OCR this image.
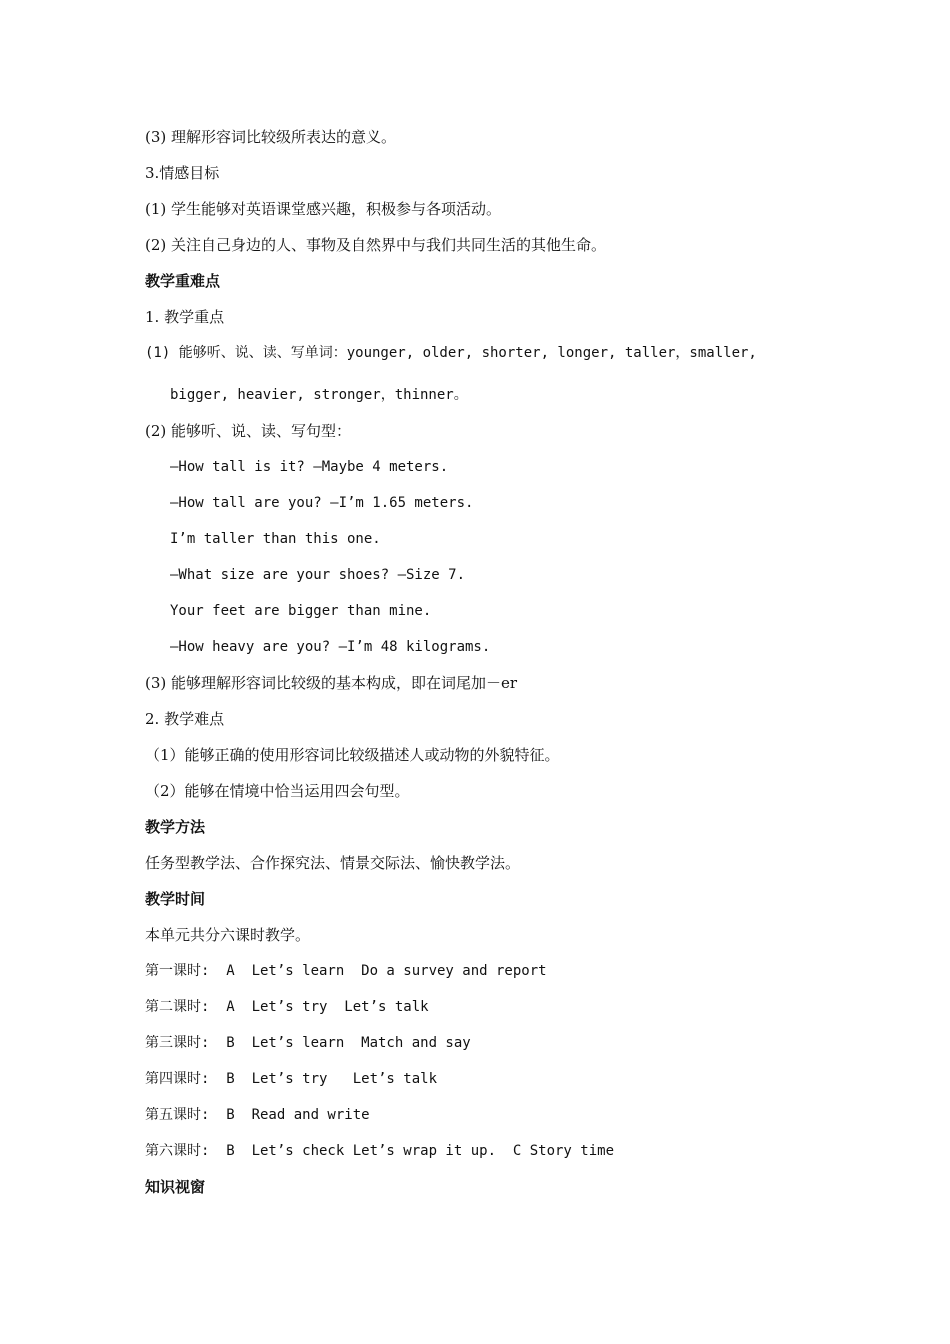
(3) 理解形容词比较级所表达的意义。

3.情感目标

(1) 学生能够对英语课堂感兴趣，积极参与各项活动。

(2) 关注自己身边的人、事物及自然界中与我们共同生活的其他生命。

教学重难点

1. 教学重点

(1) 能够听、说、读、写单词：younger, older, shorter, longer, taller，smaller,

bigger, heavier, stronger，thinner。

(2) 能够听、说、读、写句型：

—How tall is it? —Maybe 4 meters.

—How tall are you? —I’m 1.65 meters.

I’m taller than this one.

—What size are your shoes? —Size 7.

Your feet are bigger than mine.

—How heavy are you? —I’m 48 kilograms.

(3) 能够理解形容词比较级的基本构成，即在词尾加－er

2. 教学难点

（1）能够正确的使用形容词比较级描述人或动物的外貌特征。

（2）能够在情境中恰当运用四会句型。

教学方法

任务型教学法、合作探究法、情景交际法、愉快教学法。

教学时间

本单元共分六课时教学。

第一课时:  A  Let’s learn  Do a survey and report

第二课时:  A  Let’s try  Let’s talk

第三课时:  B  Let’s learn  Match and say

第四课时:  B  Let’s try   Let’s talk

第五课时:  B  Read and write

第六课时:  B  Let’s check Let’s wrap it up.  C Story time

知识视窗
